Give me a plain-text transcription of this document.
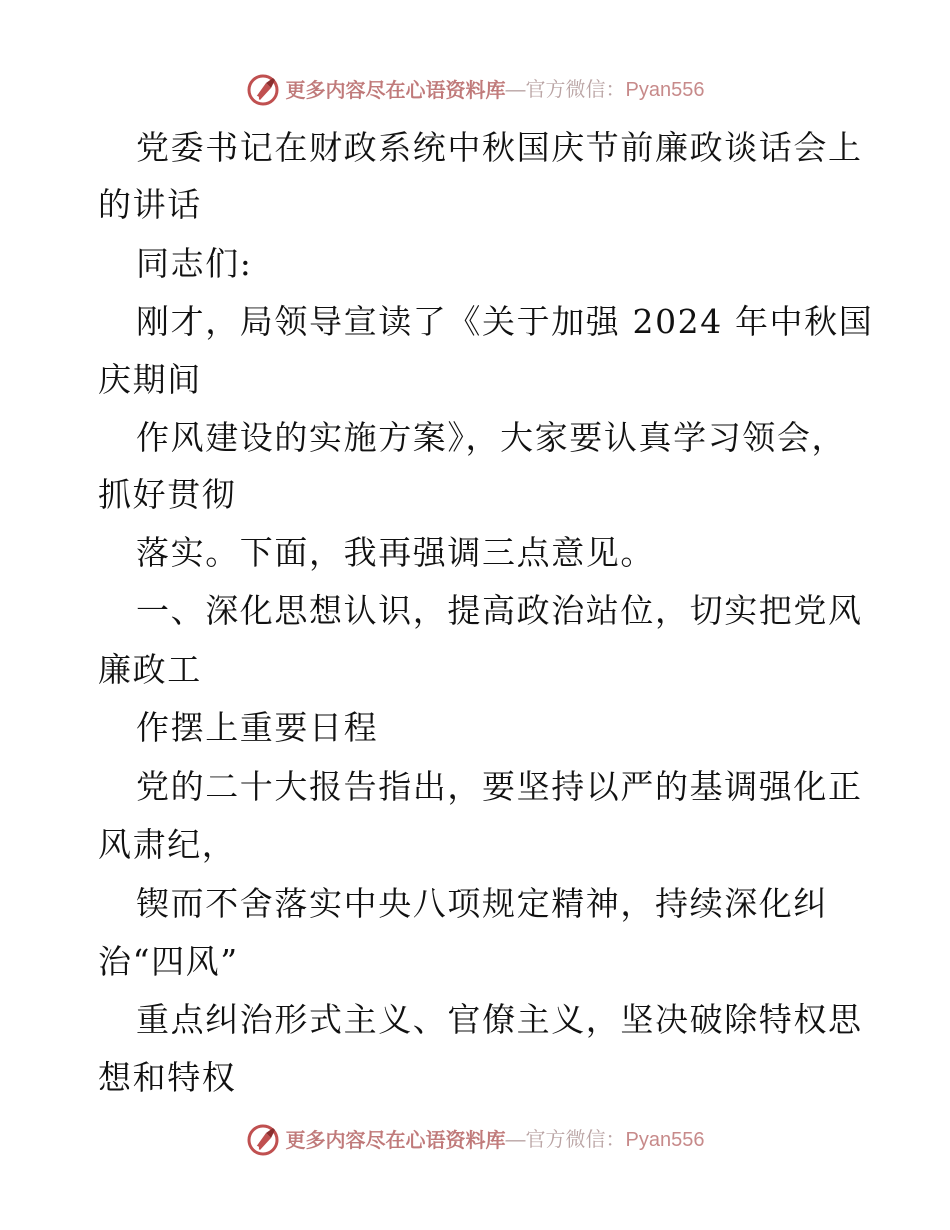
更多内容尽在心语资料库 — 官方微信： Pyan556
党委书记在财政系统中秋国庆节前廉政谈话会上
的讲话
同志们:
刚才，局领导宣读了《关于加强 2024 年中秋国
庆期间
作风建设的实施方案》，大家要认真学习领会，
抓好贯彻
落实。下面，我再强调三点意见。
一、深化思想认识，提高政治站位，切实把党风
廉政工
作摆上重要日程
党的二十大报告指出，要坚持以严的基调强化正
风肃纪，
锲而不舍落实中央八项规定精神，持续深化纠
治“四风”
重点纠治形式主义、官僚主义，坚决破除特权思
想和特权
更多内容尽在心语资料库 — 官方微信： Pyan556
